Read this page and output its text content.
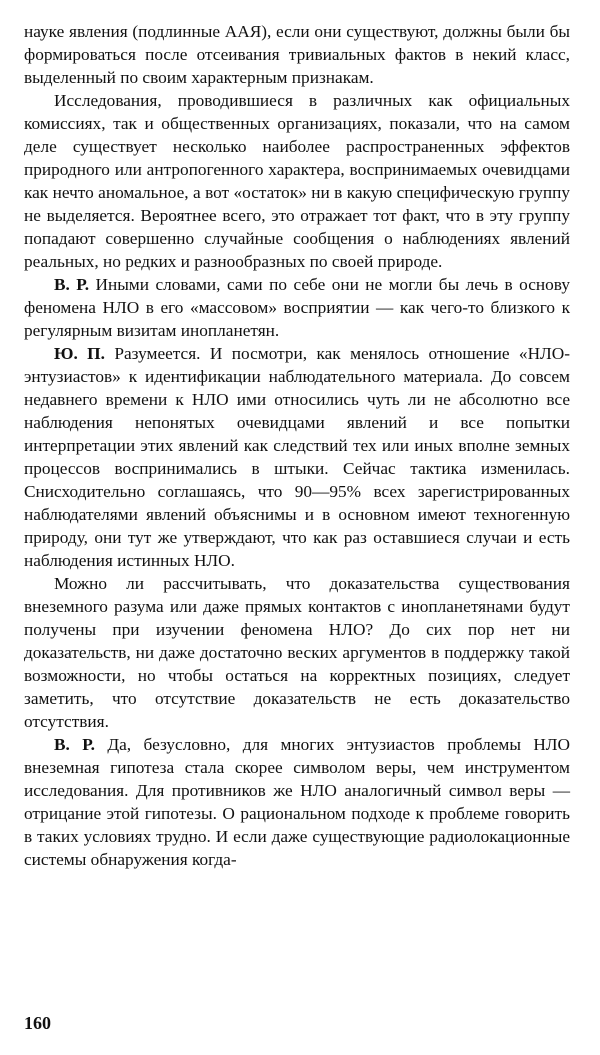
науке явления (подлинные ААЯ), если они существуют, должны были бы формироваться после отсеивания тривиальных фактов в некий класс, выделенный по своим характерным признакам.

Исследования, проводившиеся в различных как официальных комиссиях, так и общественных организациях, показали, что на самом деле существует несколько наиболее распространенных эффектов природного или антропогенного характера, воспринимаемых очевидцами как нечто аномальное, а вот «остаток» ни в какую специфическую группу не выделяется. Вероятнее всего, это отражает тот факт, что в эту группу попадают совершенно случайные сообщения о наблюдениях явлений реальных, но редких и разнообразных по своей природе.

В. Р. Иными словами, сами по себе они не могли бы лечь в основу феномена НЛО в его «массовом» восприятии — как чего-то близкого к регулярным визитам инопланетян.

Ю. П. Разумеется. И посмотри, как менялось отношение «НЛО-энтузиастов» к идентификации наблюдательного материала. До совсем недавнего времени к НЛО ими относились чуть ли не абсолютно все наблюдения непонятых очевидцами явлений и все попытки интерпретации этих явлений как следствий тех или иных вполне земных процессов воспринимались в штыки. Сейчас тактика изменилась. Снисходительно соглашаясь, что 90—95% всех зарегистрированных наблюдателями явлений объяснимы и в основном имеют техногенную природу, они тут же утверждают, что как раз оставшиеся случаи и есть наблюдения истинных НЛО.

Можно ли рассчитывать, что доказательства существования внеземного разума или даже прямых контактов с инопланетянами будут получены при изучении феномена НЛО? До сих пор нет ни доказательств, ни даже достаточно веских аргументов в поддержку такой возможности, но чтобы остаться на корректных позициях, следует заметить, что отсутствие доказательств не есть доказательство отсутствия.

В. Р. Да, безусловно, для многих энтузиастов проблемы НЛО внеземная гипотеза стала скорее символом веры, чем инструментом исследования. Для противников же НЛО аналогичный символ веры — отрицание этой гипотезы. О рациональном подходе к проблеме говорить в таких условиях трудно. И если даже существующие радиолокационные системы обнаружения когда-

160
